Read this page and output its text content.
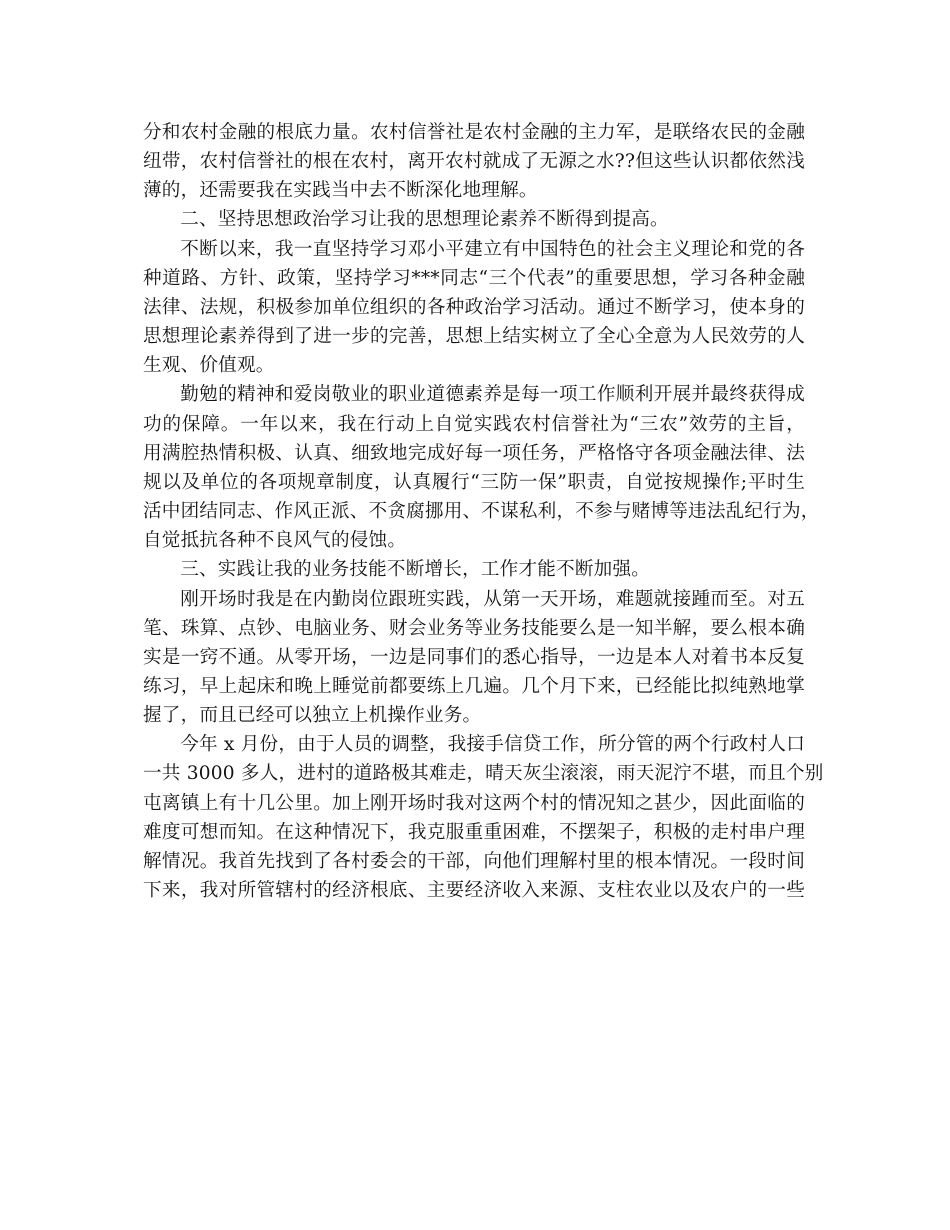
分和农村金融的根底力量。农村信誉社是农村金融的主力军，是联络农民的金融
纽带，农村信誉社的根在农村，离开农村就成了无源之水??但这些认识都依然浅
薄的，还需要我在实践当中去不断深化地理解。
二、坚持思想政治学习让我的思想理论素养不断得到提高。
不断以来，我一直坚持学习邓小平建立有中国特色的社会主义理论和党的各
种道路、方针、政策，坚持学习***同志“三个代表”的重要思想，学习各种金融
法律、法规，积极参加单位组织的各种政治学习活动。通过不断学习，使本身的
思想理论素养得到了进一步的完善，思想上结实树立了全心全意为人民效劳的人
生观、价值观。
勤勉的精神和爱岗敬业的职业道德素养是每一项工作顺利开展并最终获得成
功的保障。一年以来，我在行动上自觉实践农村信誉社为“三农”效劳的主旨，
用满腔热情积极、认真、细致地完成好每一项任务，严格恪守各项金融法律、法
规以及单位的各项规章制度，认真履行“三防一保”职责，自觉按规操作;平时生
活中团结同志、作风正派、不贪腐挪用、不谋私利，不参与赌博等违法乱纪行为，
自觉抵抗各种不良风气的侵蚀。
三、实践让我的业务技能不断增长，工作才能不断加强。
刚开场时我是在内勤岗位跟班实践，从第一天开场，难题就接踵而至。对五
笔、珠算、点钞、电脑业务、财会业务等业务技能要么是一知半解，要么根本确
实是一窍不通。从零开场，一边是同事们的悉心指导，一边是本人对着书本反复
练习，早上起床和晚上睡觉前都要练上几遍。几个月下来，已经能比拟纯熟地掌
握了，而且已经可以独立上机操作业务。
今年 x 月份，由于人员的调整，我接手信贷工作，所分管的两个行政村人口
一共 3000 多人，进村的道路极其难走，晴天灰尘滚滚，雨天泥泞不堪，而且个别
屯离镇上有十几公里。加上刚开场时我对这两个村的情况知之甚少，因此面临的
难度可想而知。在这种情况下，我克服重重困难，不摆架子，积极的走村串户理
解情况。我首先找到了各村委会的干部，向他们理解村里的根本情况。一段时间
下来，我对所管辖村的经济根底、主要经济收入来源、支柱农业以及农户的一些
